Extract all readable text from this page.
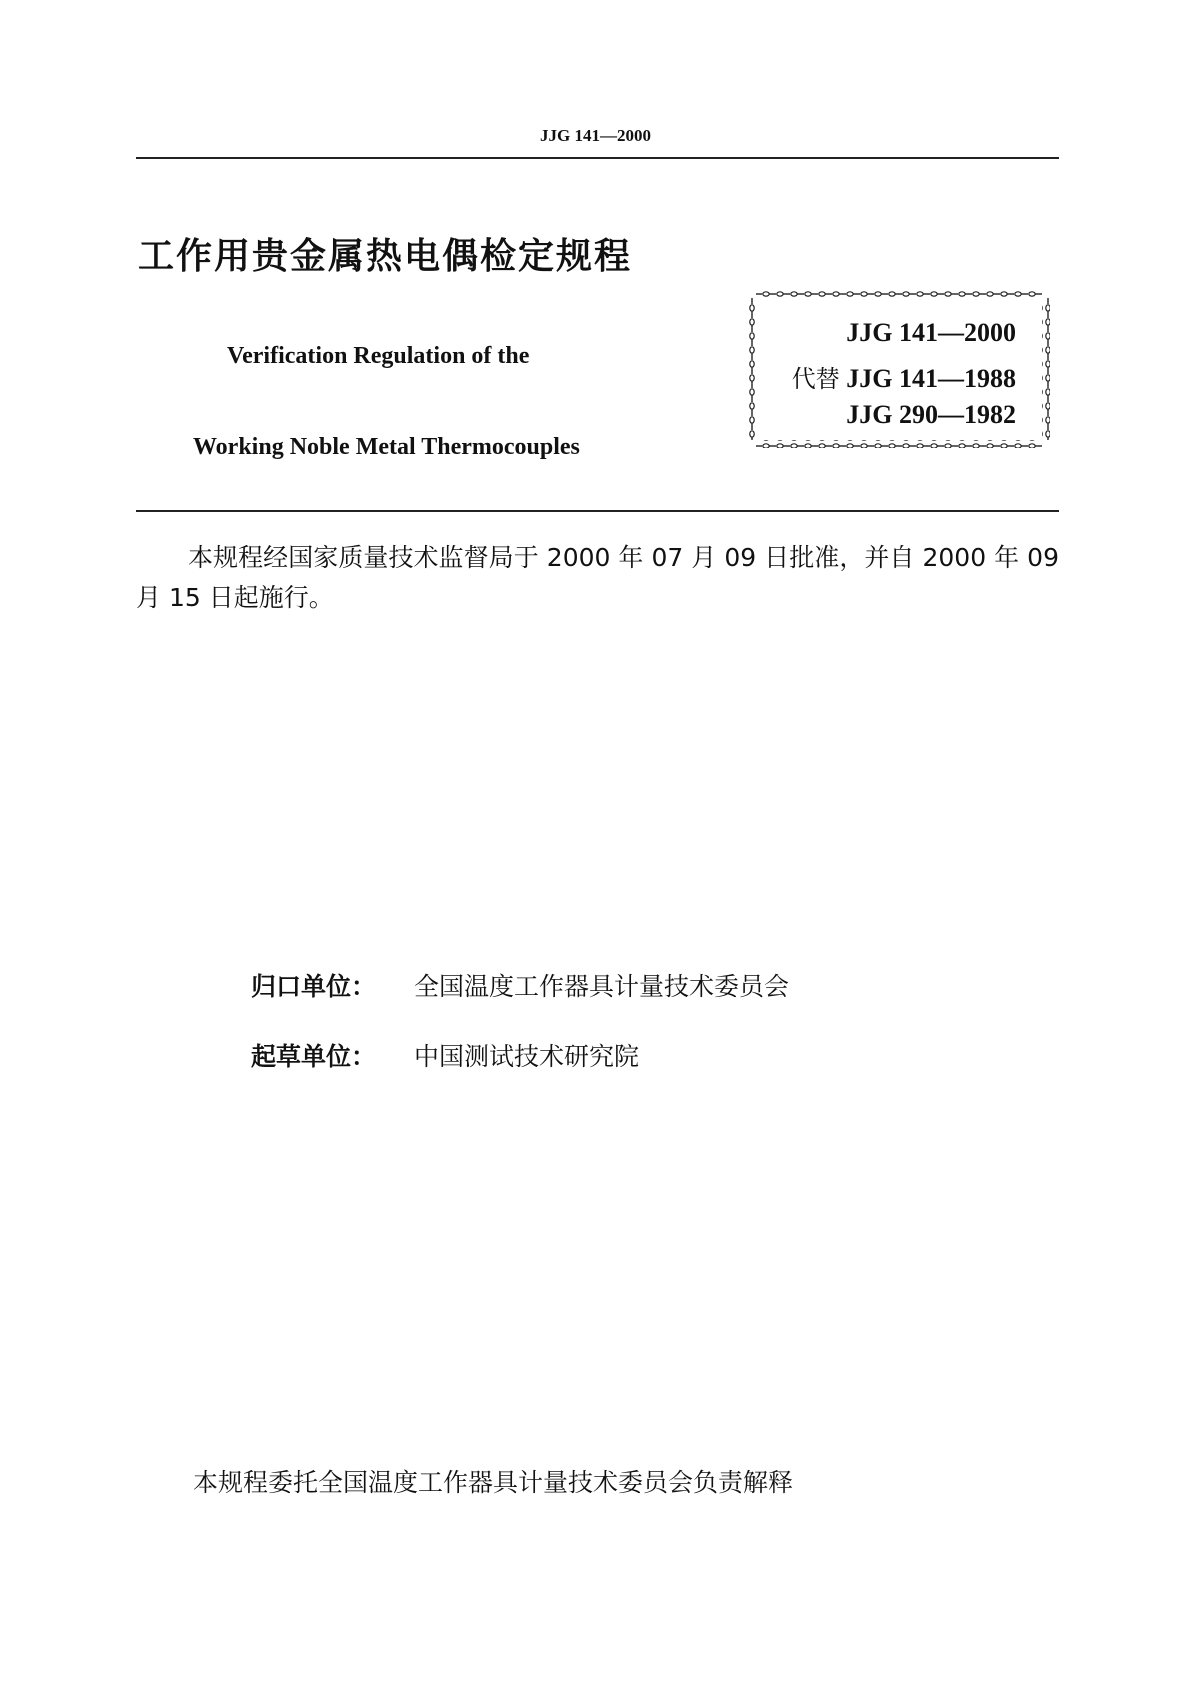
JJG 141—2000
工作用贵金属热电偶检定规程
Verification Regulation of the
Working Noble Metal Thermocouples
JJG 141—2000
代替 JJG 141—1988
JJG 290—1982
本规程经国家质量技术监督局于 2000 年 07 月 09 日批准，并自 2000 年 09 月 15 日起施行。
归口单位： 全国温度工作器具计量技术委员会
起草单位： 中国测试技术研究院
本规程委托全国温度工作器具计量技术委员会负责解释
